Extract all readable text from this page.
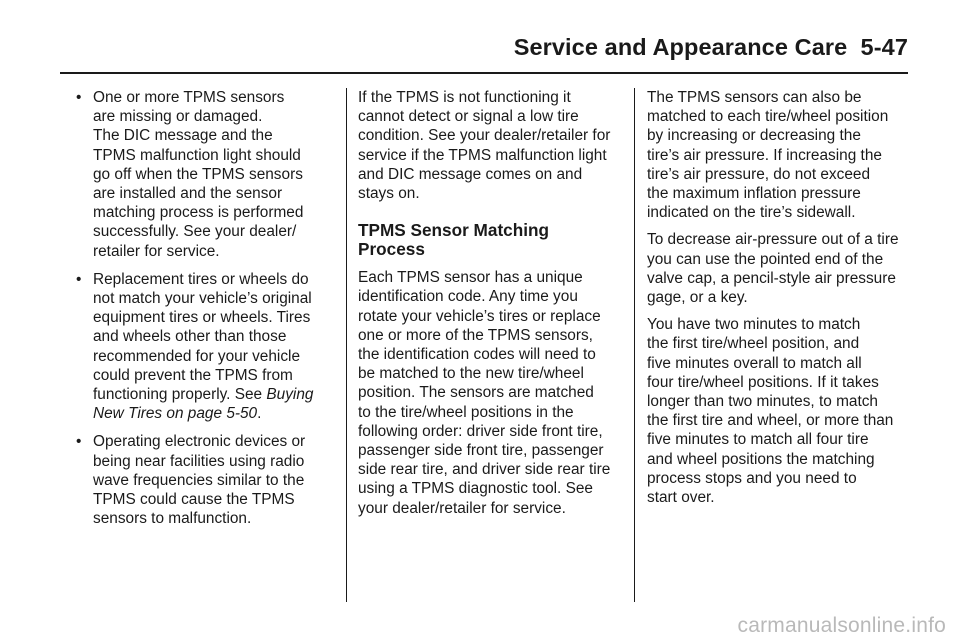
Service and Appearance Care  5-47
• One or more TPMS sensors
are missing or damaged.
The DIC message and the
TPMS malfunction light should
go off when the TPMS sensors
are installed and the sensor
matching process is performed
successfully. See your dealer/
retailer for service.
• Replacement tires or wheels do
not match your vehicle’s original
equipment tires or wheels. Tires
and wheels other than those
recommended for your vehicle
could prevent the TPMS from
functioning properly. See Buying
New Tires on page 5-50.
• Operating electronic devices or
being near facilities using radio
wave frequencies similar to the
TPMS could cause the TPMS
sensors to malfunction.

If the TPMS is not functioning it
cannot detect or signal a low tire
condition. See your dealer/retailer for
service if the TPMS malfunction light
and DIC message comes on and
stays on.

TPMS Sensor Matching
Process

Each TPMS sensor has a unique
identification code. Any time you
rotate your vehicle’s tires or replace
one or more of the TPMS sensors,
the identification codes will need to
be matched to the new tire/wheel
position. The sensors are matched
to the tire/wheel positions in the
following order: driver side front tire,
passenger side front tire, passenger
side rear tire, and driver side rear tire
using a TPMS diagnostic tool. See
your dealer/retailer for service.

The TPMS sensors can also be
matched to each tire/wheel position
by increasing or decreasing the
tire’s air pressure. If increasing the
tire’s air pressure, do not exceed
the maximum inflation pressure
indicated on the tire’s sidewall.

To decrease air-pressure out of a tire
you can use the pointed end of the
valve cap, a pencil-style air pressure
gage, or a key.

You have two minutes to match
the first tire/wheel position, and
five minutes overall to match all
four tire/wheel positions. If it takes
longer than two minutes, to match
the first tire and wheel, or more than
five minutes to match all four tire
and wheel positions the matching
process stops and you need to
start over.

carmanualsonline.info
